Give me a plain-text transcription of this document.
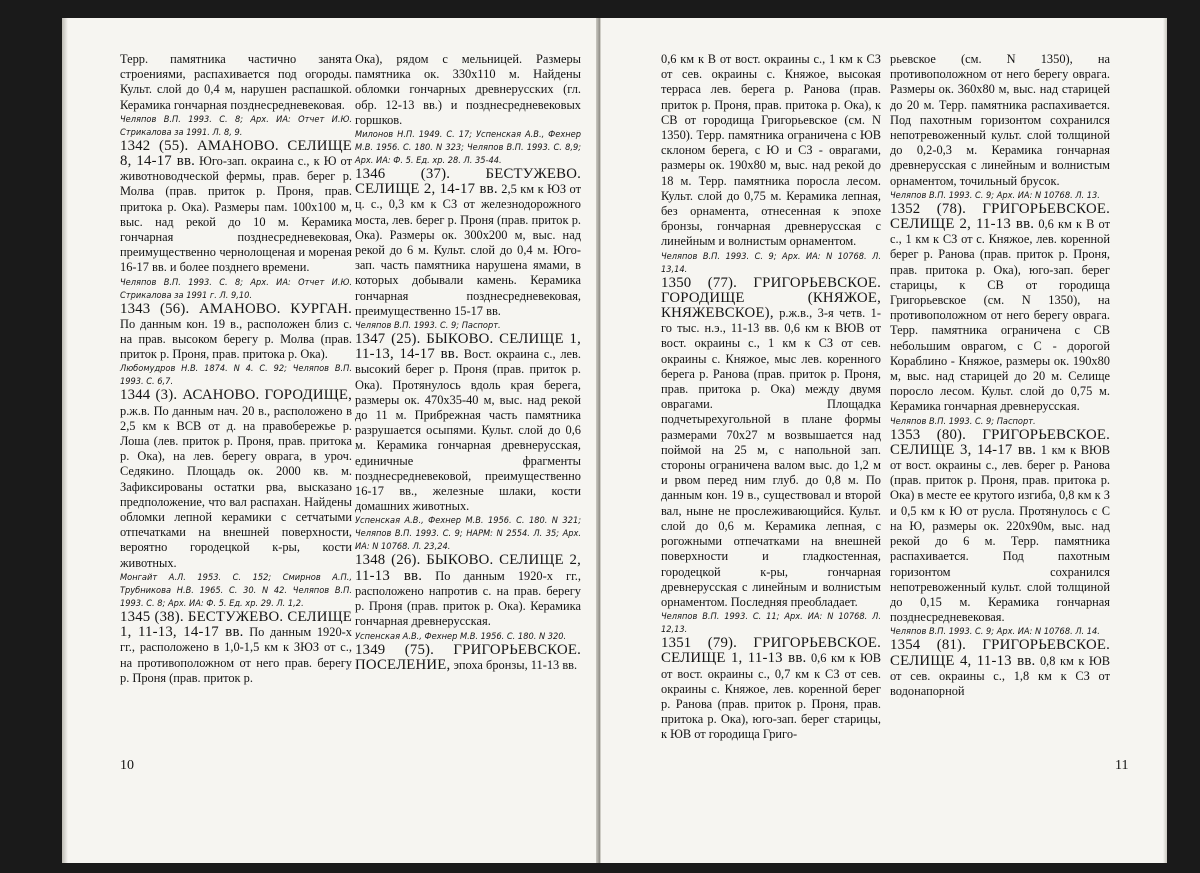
Терр. памятника частично занята строениями, распахивается под огороды. Культ. слой до 0,4 м, нарушен распашкой. Керамика гончарная позднесредневековая.

Челяпов В.П. 1993. С. 8; Арх. ИА: Отчет И.Ю. Стрикалова за 1991. Л. 8, 9.

1342 (55). АМАНОВО. СЕЛИЩЕ 8, 14-17 вв. Юго-зап. окраина с., к Ю от животноводческой фермы, прав. берег р. Молва (прав. приток р. Проня, прав. притока р. Ока). Размеры пам. 100x100 м, выс. над рекой до 10 м. Керамика гончарная позднесредневековая, преимущественно чернолощеная и мореная 16-17 вв. и более позднего времени.

Челяпов В.П. 1993. С. 8; Арх. ИА: Отчет И.Ю. Стрикалова за 1991 г. Л. 9,10.

1343 (56). АМАНОВО. КУРГАН. По данным кон. 19 в., расположен близ с. на прав. высоком берегу р. Молва (прав. приток р. Проня, прав. притока р. Ока).

Любомудров Н.В. 1874. N 4. С. 92; Челяпов В.П. 1993. С. 6,7.

1344 (3). АСАНОВО. ГОРОДИЩЕ, р.ж.в. По данным нач. 20 в., расположено в 2,5 км к ВСВ от д. на правобережье р. Лоша (лев. приток р. Проня, прав. притока р. Ока), на лев. берегу оврага, в уроч. Седякино. Площадь ок. 2000 кв. м. Зафиксированы остатки рва, высказано предположение, что вал распахан. Найдены обломки лепной керамики с сетчатыми отпечатками на внешней поверхности, вероятно городецкой к-ры, кости животных.

Монгайт А.Л. 1953. С. 152; Смирнов А.П., Трубникова Н.В. 1965. С. 30. N 42. Челяпов В.П. 1993. С. 8; Арх. ИА: Ф. 5. Ед. хр. 29. Л. 1,2.

1345 (38). БЕСТУЖЕВО. СЕЛИЩЕ 1, 11-13, 14-17 вв. По данным 1920-х гг., расположено в 1,0-1,5 км к ЗЮЗ от с., на противоположном от него прав. берегу р. Проня (прав. приток р.

Ока), рядом с мельницей. Размеры памятника ок. 330x110 м. Найдены обломки гончарных древнерусских (гл. обр. 12-13 вв.) и позднесредневековых горшков.

Милонов Н.П. 1949. С. 17; Успенская А.В., Фехнер М.В. 1956. С. 180. N 323; Челяпов В.П. 1993. С. 8,9; Арх. ИА: Ф. 5. Ед. хр. 28. Л. 35-44.

1346 (37). БЕСТУЖЕВО. СЕЛИЩЕ 2, 14-17 вв. 2,5 км к ЮЗ от ц. с., 0,3 км к СЗ от железнодорожного моста, лев. берег р. Проня (прав. приток р. Ока). Размеры ок. 300x200 м, выс. над рекой до 6 м. Культ. слой до 0,4 м. Юго-зап. часть памятника нарушена ямами, в которых добывали камень. Керамика гончарная позднесредневековая, преимущественно 15-17 вв.

Челяпов В.П. 1993. С. 9; Паспорт.

1347 (25). БЫКОВО. СЕЛИЩЕ 1, 11-13, 14-17 вв. Вост. окраина с., лев. высокий берег р. Проня (прав. приток р. Ока). Протянулось вдоль края берега, размеры ок. 470x35-40 м, выс. над рекой до 11 м. Прибрежная часть памятника разрушается осыпями. Культ. слой до 0,6 м. Керамика гончарная древнерусская, единичные фрагменты позднесредневековой, преимущественно 16-17 вв., железные шлаки, кости домашних животных.

Успенская А.В., Фехнер М.В. 1956. С. 180. N 321; Челяпов В.П. 1993. С. 9; НАРМ: N 2554. Л. 35; Арх. ИА: N 10768. Л. 23,24.

1348 (26). БЫКОВО. СЕЛИЩЕ 2, 11-13 вв. По данным 1920-х гг., расположено напротив с. на прав. берегу р. Проня (прав. приток р. Ока). Керамика гончарная древнерусская.

Успенская А.В., Фехнер М.В. 1956. С. 180. N 320.

1349 (75). ГРИГОРЬЕВСКОЕ. ПОСЕЛЕНИЕ, эпоха бронзы, 11-13 вв.

10

0,6 км к В от вост. окраины с., 1 км к СЗ от сев. окраины с. Княжое, высокая терраса лев. берега р. Ранова (прав. приток р. Проня, прав. притока р. Ока), к СВ от городища Григорьевское (см. N 1350). Терр. памятника ограничена с ЮВ склоном берега, с Ю и СЗ - оврагами, размеры ок. 190x80 м, выс. над рекой до 18 м. Терр. памятника поросла лесом. Культ. слой до 0,75 м. Керамика лепная, без орнамента, отнесенная к эпохе бронзы, гончарная древнерусская с линейным и волнистым орнаментом.

Челяпов В.П. 1993. С. 9; Арх. ИА: N 10768. Л. 13,14.

1350 (77). ГРИГОРЬЕВСКОЕ. ГОРОДИЩЕ (КНЯЖОЕ, КНЯЖЕВСКОЕ), р.ж.в., 3-я четв. 1-го тыс. н.э., 11-13 вв. 0,6 км к ВЮВ от вост. окраины с., 1 км к СЗ от сев. окраины с. Княжое, мыс лев. коренного берега р. Ранова (прав. приток р. Проня, прав. притока р. Ока) между двумя оврагами. Площадка подчетырехугольной в плане формы размерами 70x27 м возвышается над поймой на 25 м, с напольной зап. стороны ограничена валом выс. до 1,2 м и рвом перед ним глуб. до 0,8 м. По данным кон. 19 в., существовал и второй вал, ныне не прослеживающийся. Культ. слой до 0,6 м. Керамика лепная, с рогожными отпечатками на внешней поверхности и гладкостенная, городецкой к-ры, гончарная древнерусская с линейным и волнистым орнаментом. Последняя преобладает.

Челяпов В.П. 1993. С. 11; Арх. ИА: N 10768. Л. 12,13.

1351 (79). ГРИГОРЬЕВСКОЕ. СЕЛИЩЕ 1, 11-13 вв. 0,6 км к ЮВ от вост. окраины с., 0,7 км к СЗ от сев. окраины с. Княжое, лев. коренной берег р. Ранова (прав. приток р. Проня, прав. притока р. Ока), юго-зап. берег старицы, к ЮВ от городища Григо-

рьевское (см. N 1350), на противоположном от него берегу оврага. Размеры ок. 360x80 м, выс. над старицей до 20 м. Терр. памятника распахивается. Под пахотным горизонтом сохранился непотревоженный культ. слой толщиной до 0,2-0,3 м. Керамика гончарная древнерусская с линейным и волнистым орнаментом, точильный брусок.

Челяпов В.П. 1993. С. 9; Арх. ИА: N 10768. Л. 13.

1352 (78). ГРИГОРЬЕВСКОЕ. СЕЛИЩЕ 2, 11-13 вв. 0,6 км к В от с., 1 км к СЗ от с. Княжое, лев. коренной берег р. Ранова (прав. приток р. Проня, прав. притока р. Ока), юго-зап. берег старицы, к СВ от городища Григорьевское (см. N 1350), на противоположном от него берегу оврага. Терр. памятника ограничена с СВ небольшим оврагом, с С - дорогой Кораблино - Княжое, размеры ок. 190x80 м, выс. над старицей до 20 м. Селище поросло лесом. Культ. слой до 0,75 м. Керамика гончарная древнерусская.

Челяпов В.П. 1993. С. 9; Паспорт.

1353 (80). ГРИГОРЬЕВСКОЕ. СЕЛИЩЕ 3, 14-17 вв. 1 км к ВЮВ от вост. окраины с., лев. берег р. Ранова (прав. приток р. Проня, прав. притока р. Ока) в месте ее крутого изгиба, 0,8 км к З и 0,5 км к Ю от русла. Протянулось с С на Ю, размеры ок. 220x90м, выс. над рекой до 6 м. Терр. памятника распахивается. Под пахотным горизонтом сохранился непотревоженный культ. слой толщиной до 0,15 м. Керамика гончарная позднесредневековая.

Челяпов В.П. 1993. С. 9; Арх. ИА: N 10768. Л. 14.

1354 (81). ГРИГОРЬЕВСКОЕ. СЕЛИЩЕ 4, 11-13 вв. 0,8 км к ЮВ от сев. окраины с., 1,8 км к СЗ от водонапорной

11
